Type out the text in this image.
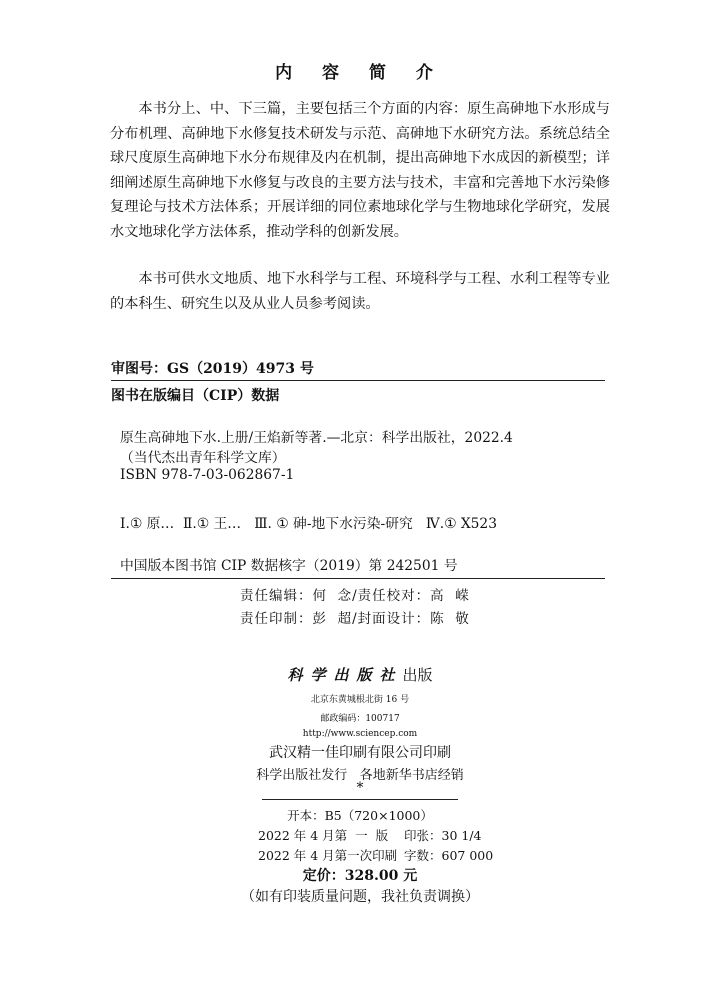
内 容 简 介
本书分上、中、下三篇，主要包括三个方面的内容：原生高砷地下水形成与分布机理、高砷地下水修复技术研发与示范、高砷地下水研究方法。系统总结全球尺度原生高砷地下水分布规律及内在机制，提出高砷地下水成因的新模型；详细阐述原生高砷地下水修复与改良的主要方法与技术，丰富和完善地下水污染修复理论与技术方法体系；开展详细的同位素地球化学与生物地球化学研究，发展水文地球化学方法体系，推动学科的创新发展。
本书可供水文地质、地下水科学与工程、环境科学与工程、水利工程等专业的本科生、研究生以及从业人员参考阅读。
审图号：GS（2019）4973 号
图书在版编目（CIP）数据
原生高砷地下水.上册/王焰新等著.—北京：科学出版社，2022.4
（当代杰出青年科学文库）
ISBN 978-7-03-062867-1
Ⅰ.① 原…  Ⅱ.① 王…   Ⅲ. ① 砷-地下水污染-研究   Ⅳ.① X523
中国版本图书馆 CIP 数据核字（2019）第 242501 号
责任编辑：何  念/责任校对：高  嵘
责任印制：彭  超/封面设计：陈  敬
科学出版社出版
北京东黄城根北街 16 号
邮政编码：100717
http://www.sciencep.com
武汉精一佳印刷有限公司印刷
科学出版社发行   各地新华书店经销
*
开本：B5（720×1000）
2022 年 4 月第  一  版 印张：30 1/4
2022 年 4 月第一次印刷 字数：607 000
定价：328.00 元
（如有印装质量问题，我社负责调换）
